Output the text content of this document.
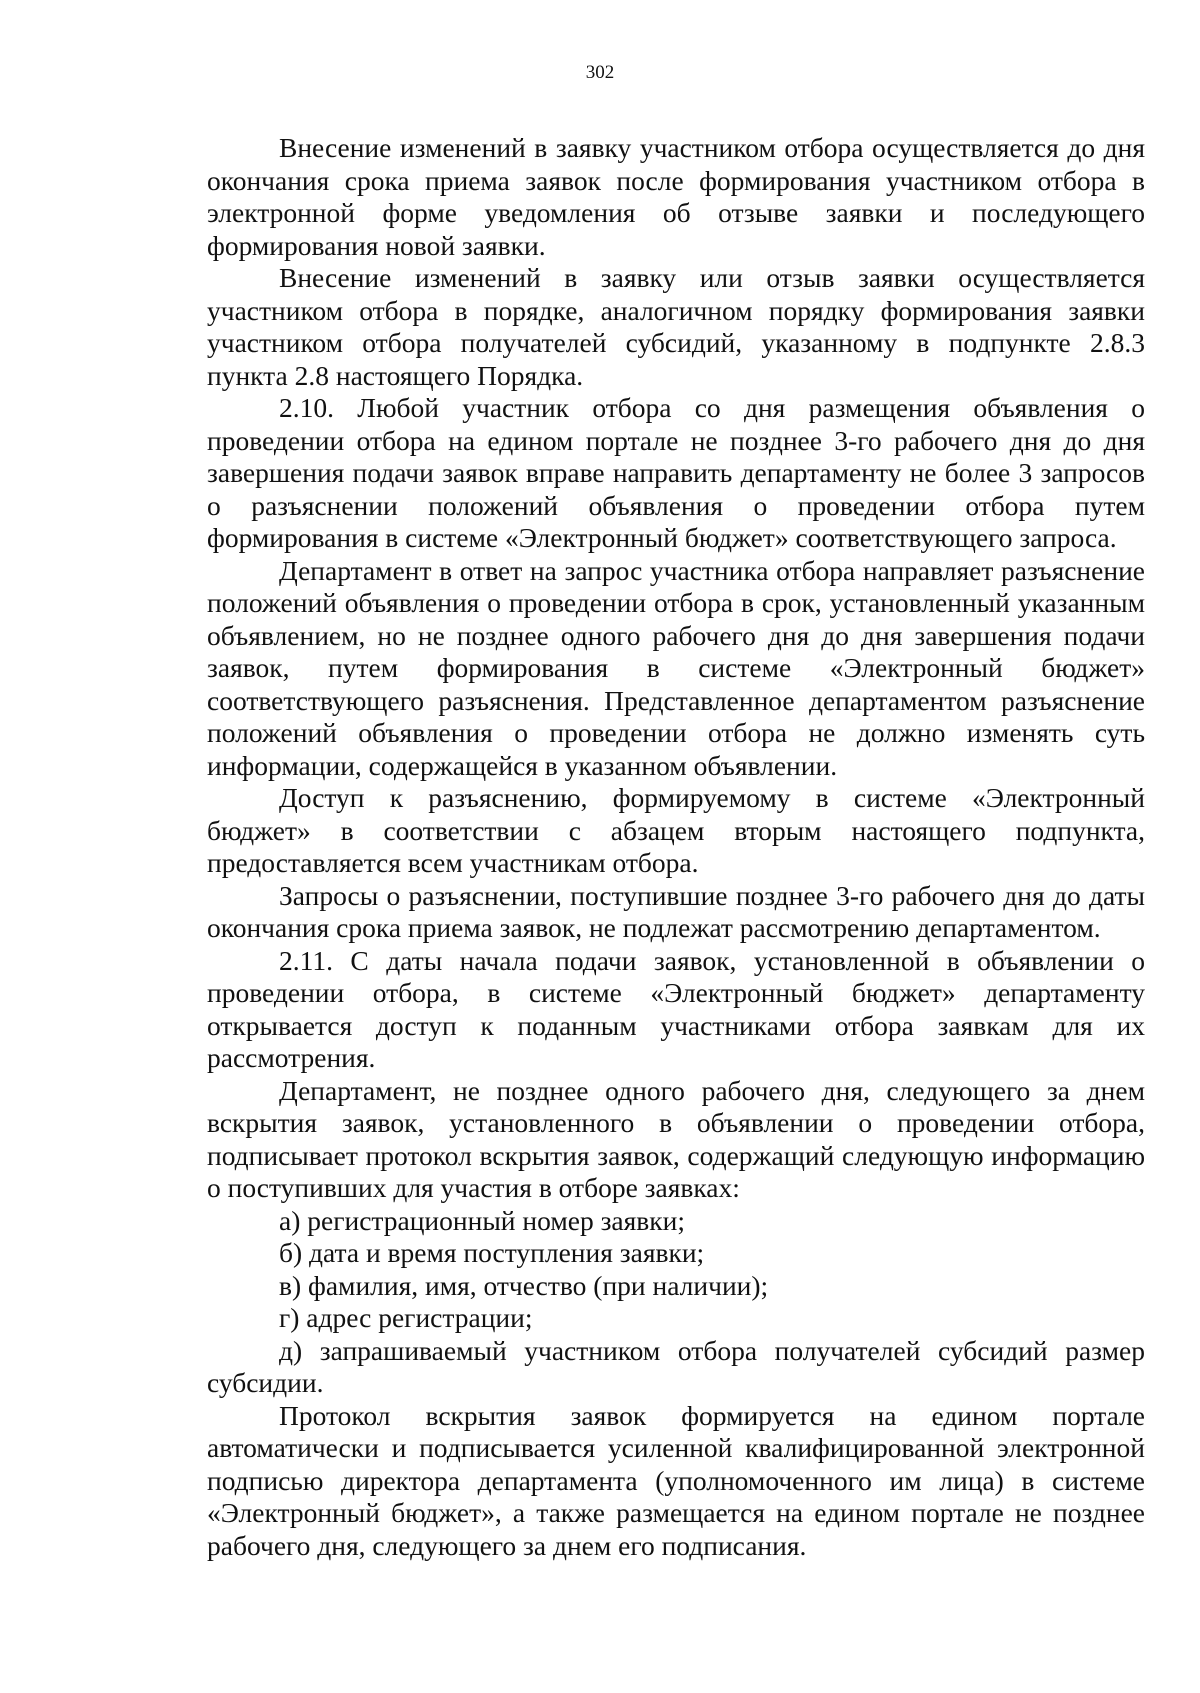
302

Внесение изменений в заявку участником отбора осуществляется до дня окончания срока приема заявок после формирования участником отбора в электронной форме уведомления об отзыве заявки и последующего формирования новой заявки.

Внесение изменений в заявку или отзыв заявки осуществляется участником отбора в порядке, аналогичном порядку формирования заявки участником отбора получателей субсидий, указанному в подпункте 2.8.3 пункта 2.8 настоящего Порядка.

2.10. Любой участник отбора со дня размещения объявления о проведении отбора на едином портале не позднее 3-го рабочего дня до дня завершения подачи заявок вправе направить департаменту не более 3 запросов о разъяснении положений объявления о проведении отбора путем формирования в системе «Электронный бюджет» соответствующего запроса.

Департамент в ответ на запрос участника отбора направляет разъяснение положений объявления о проведении отбора в срок, установленный указанным объявлением, но не позднее одного рабочего дня до дня завершения подачи заявок, путем формирования в системе «Электронный бюджет» соответствующего разъяснения. Представленное департаментом разъяснение положений объявления о проведении отбора не должно изменять суть информации, содержащейся в указанном объявлении.

Доступ к разъяснению, формируемому в системе «Электронный бюджет» в соответствии с абзацем вторым настоящего подпункта, предоставляется всем участникам отбора.

Запросы о разъяснении, поступившие позднее 3-го рабочего дня до даты окончания срока приема заявок, не подлежат рассмотрению департаментом.

2.11. С даты начала подачи заявок, установленной в объявлении о проведении отбора, в системе «Электронный бюджет» департаменту открывается доступ к поданным участниками отбора заявкам для их рассмотрения.

Департамент, не позднее одного рабочего дня, следующего за днем вскрытия заявок, установленного в объявлении о проведении отбора, подписывает протокол вскрытия заявок, содержащий следующую информацию о поступивших для участия в отборе заявках:

а) регистрационный номер заявки;

б) дата и время поступления заявки;

в) фамилия, имя, отчество (при наличии);

г) адрес регистрации;

д) запрашиваемый участником отбора получателей субсидий размер субсидии.

Протокол вскрытия заявок формируется на едином портале автоматически и подписывается усиленной квалифицированной электронной подписью директора департамента (уполномоченного им лица) в системе «Электронный бюджет», а также размещается на едином портале не позднее рабочего дня, следующего за днем его подписания.
